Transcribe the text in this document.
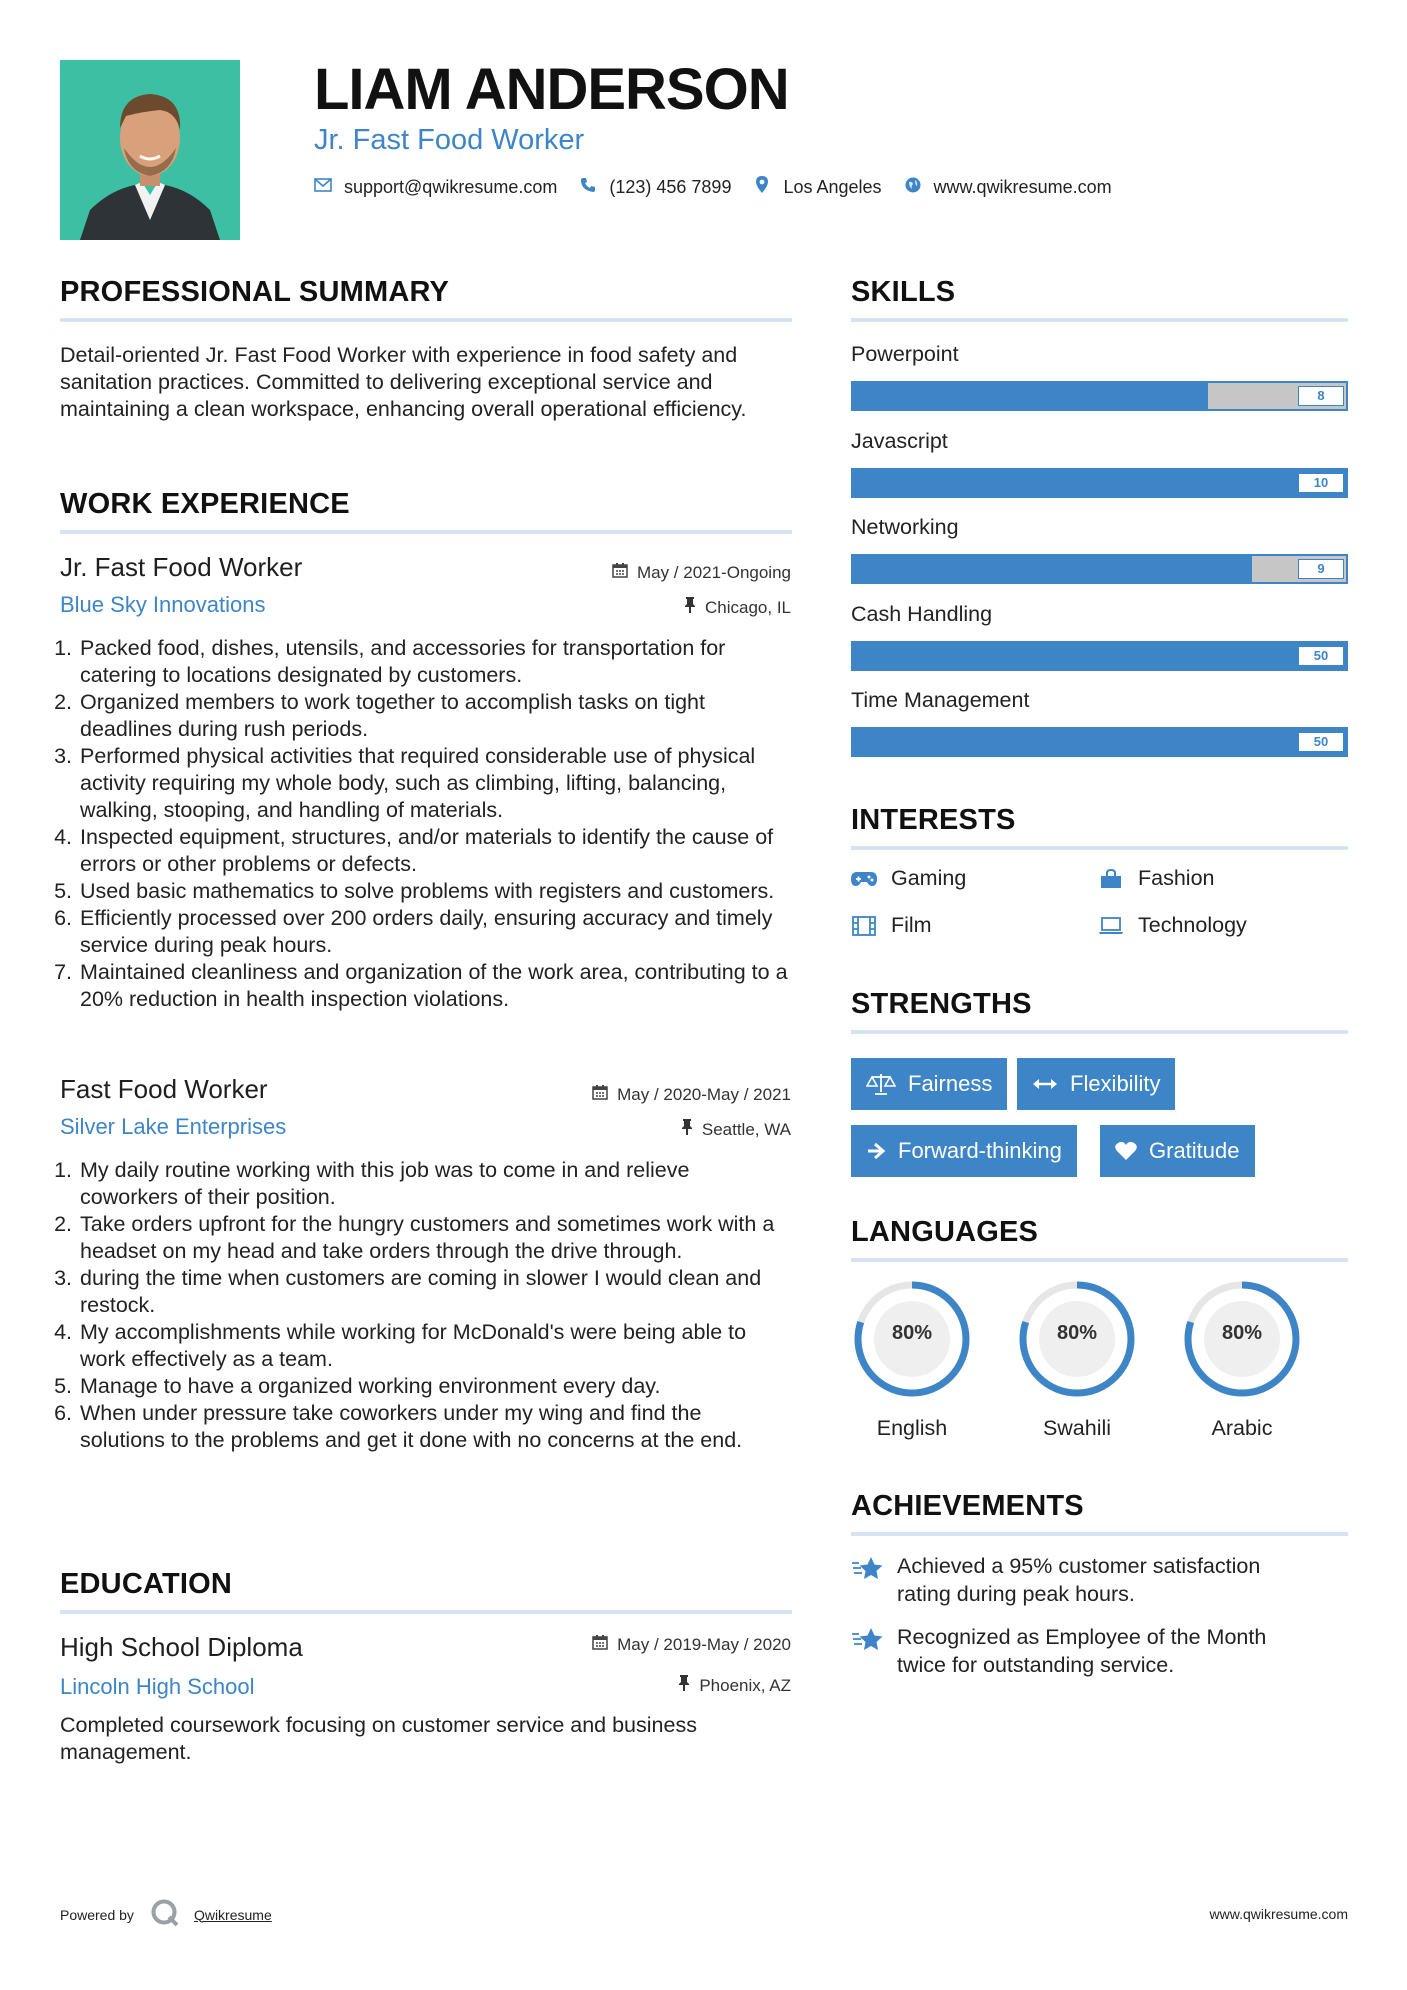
LIAM ANDERSON
Jr. Fast Food Worker
support@qwikresume.com	(123) 456 7899	Los Angeles	www.qwikresume.com
PROFESSIONAL SUMMARY
Detail-oriented Jr. Fast Food Worker with experience in food safety and sanitation practices. Committed to delivering exceptional service and maintaining a clean workspace, enhancing overall operational efficiency.
WORK EXPERIENCE
Jr. Fast Food Worker
Blue Sky Innovations
May / 2021-Ongoing
Chicago, IL
1. Packed food, dishes, utensils, and accessories for transportation for catering to locations designated by customers.
2. Organized members to work together to accomplish tasks on tight deadlines during rush periods.
3. Performed physical activities that required considerable use of physical activity requiring my whole body, such as climbing, lifting, balancing, walking, stooping, and handling of materials.
4. Inspected equipment, structures, and/or materials to identify the cause of errors or other problems or defects.
5. Used basic mathematics to solve problems with registers and customers.
6. Efficiently processed over 200 orders daily, ensuring accuracy and timely service during peak hours.
7. Maintained cleanliness and organization of the work area, contributing to a 20% reduction in health inspection violations.
Fast Food Worker
Silver Lake Enterprises
May / 2020-May / 2021
Seattle, WA
1. My daily routine working with this job was to come in and relieve coworkers of their position.
2. Take orders upfront for the hungry customers and sometimes work with a headset on my head and take orders through the drive through.
3. during the time when customers are coming in slower I would clean and restock.
4. My accomplishments while working for McDonald's were being able to work effectively as a team.
5. Manage to have a organized working environment every day.
6. When under pressure take coworkers under my wing and find the solutions to the problems and get it done with no concerns at the end.
EDUCATION
High School Diploma
Lincoln High School
May / 2019-May / 2020
Phoenix, AZ
Completed coursework focusing on customer service and business management.
SKILLS
Powerpoint
8
Javascript
10
Networking
9
Cash Handling
50
Time Management
50
INTERESTS
Gaming	Fashion
Film	Technology
STRENGTHS
Fairness	Flexibility
Forward-thinking	Gratitude
LANGUAGES
80%
English
80%
Swahili
80%
Arabic
ACHIEVEMENTS
Achieved a 95% customer satisfaction rating during peak hours.
Recognized as Employee of the Month twice for outstanding service.
Powered by	Qwikresume	www.qwikresume.com
